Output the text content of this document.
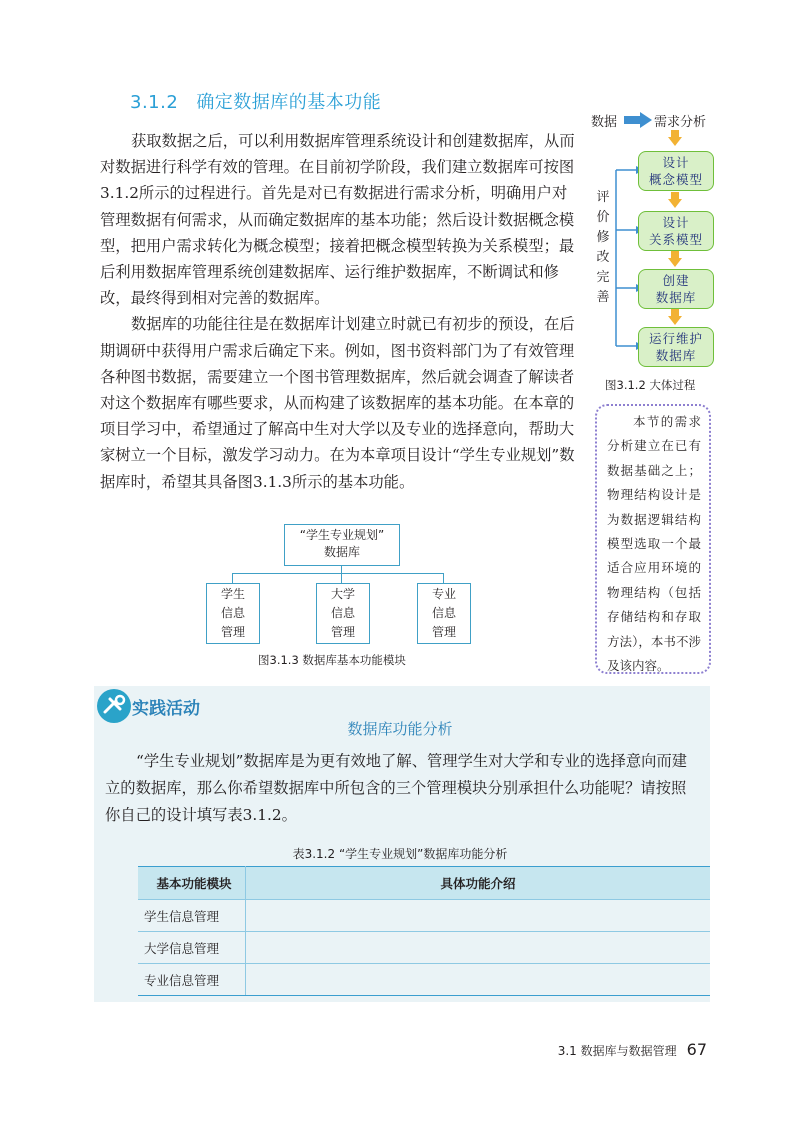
3.1.2 确定数据库的基本功能

获取数据之后，可以利用数据库管理系统设计和创建数据库，从而对数据进行科学有效的管理。在目前初学阶段，我们建立数据库可按图3.1.2所示的过程进行。首先是对已有数据进行需求分析，明确用户对管理数据有何需求，从而确定数据库的基本功能；然后设计数据概念模型，把用户需求转化为概念模型；接着把概念模型转换为关系模型；最后利用数据库管理系统创建数据库、运行维护数据库，不断调试和修改，最终得到相对完善的数据库。

数据库的功能往往是在数据库计划建立时就已有初步的预设，在后期调研中获得用户需求后确定下来。例如，图书资料部门为了有效管理各种图书数据，需要建立一个图书管理数据库，然后就会调查了解读者对这个数据库有哪些要求，从而构建了该数据库的基本功能。在本章的项目学习中，希望通过了解高中生对大学以及专业的选择意向，帮助大家树立一个目标，激发学习动力。在为本章项目设计“学生专业规划”数据库时，希望其具备图3.1.3所示的基本功能。

数据	需求分析
评价修改完善
设计
概念模型
设计
关系模型
创建
数据库
运行维护
数据库
图3.1.2 大体过程

本节的需求分析建立在已有数据基础之上；物理结构设计是为数据逻辑结构模型选取一个最适合应用环境的物理结构（包括存储结构和存取方法），本书不涉及该内容。

“学生专业规划”
数据库
学生
信息
管理
大学
信息
管理
专业
信息
管理
图3.1.3 数据库基本功能模块
实践活动
数据库功能分析

“学生专业规划”数据库是为更有效地了解、管理学生对大学和专业的选择意向而建立的数据库，那么你希望数据库中所包含的三个管理模块分别承担什么功能呢？请按照你自己的设计填写表3.1.2。

表3.1.2 “学生专业规划”数据库功能分析
基本功能模块	具体功能介绍
学生信息管理	
大学信息管理	
专业信息管理	
3.1 数据库与数据管理 67
